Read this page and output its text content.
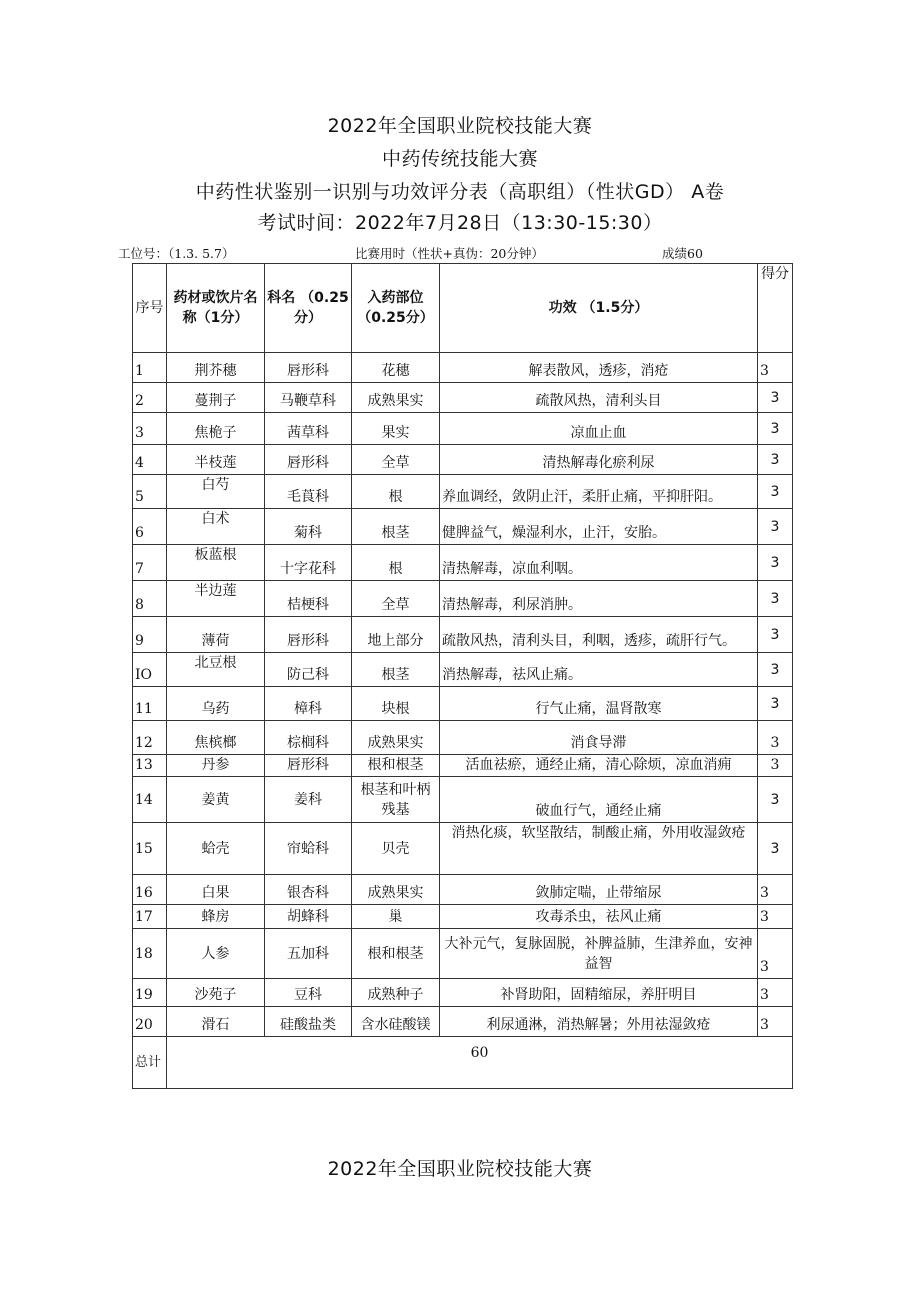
2022年全国职业院校技能大赛
中药传统技能大赛
中药性状鉴别一识别与功效评分表（高职组）（性状GD） A卷
考试时间：2022年7月28日（13:30-15:30）
工位号：（1.3. 5.7）	比赛用时（性状+真伪：20分钟）	成绩60
序号	药材或饮片名称（1分）	科名 （0.25分）	入药部位（0.25分）	功效 （1.5分）	得分
1	荆芥穗	唇形科	花穗	解表散风，透疹，消疮	3
2	蔓荆子	马鞭草科	成熟果实	疏散风热，清利头目	3
3	焦桅子	茜草科	果实	凉血止血	3
4	半枝莲	唇形科	全草	清热解毒化瘀利尿	3
5	白芍	毛莨科	根	养血调经，敛阴止汗，柔肝止痛，平抑肝阳。	3
6	白术	菊科	根茎	健脾益气，燥湿利水，止汗，安胎。	3
7	板蓝根	十字花科	根	清热解毒，凉血利咽。	3
8	半边莲	桔梗科	全草	清热解毒，利尿消肿。	3
9	薄荷	唇形科	地上部分	疏散风热，清利头目，利咽，透疹，疏肝行气。	3
IO	北豆根	防己科	根茎	消热解毒，祛风止痛。	3
11	乌药	樟科	块根	行气止痛，温肾散寒	3
12	焦槟榔	棕榈科	成熟果实	消食导滞	3
13	丹参	唇形科	根和根茎	活血祛瘀，通经止痛，清心除烦，凉血消痈	3
14	姜黄	姜科	根茎和叶柄残基	破血行气，通经止痛	3
15	蛤壳	帘蛤科	贝壳	消热化痰，软坚散结，制酸止痛，外用收湿敛疮	3
16	白果	银杏科	成熟果实	敛肺定喘，止带缩尿	3
17	蜂房	胡蜂科	巢	攻毒杀虫，祛风止痛	3
18	人参	五加科	根和根茎	大补元气，复脉固脱，补脾益肺，生津养血，安神益智	3
19	沙苑子	豆科	成熟种子	补肾助阳，固精缩尿，养肝明目	3
20	滑石	硅酸盐类	含水硅酸镁	利尿通淋，消热解暑；外用祛湿敛疮	3
总计	60				
2022年全国职业院校技能大赛
